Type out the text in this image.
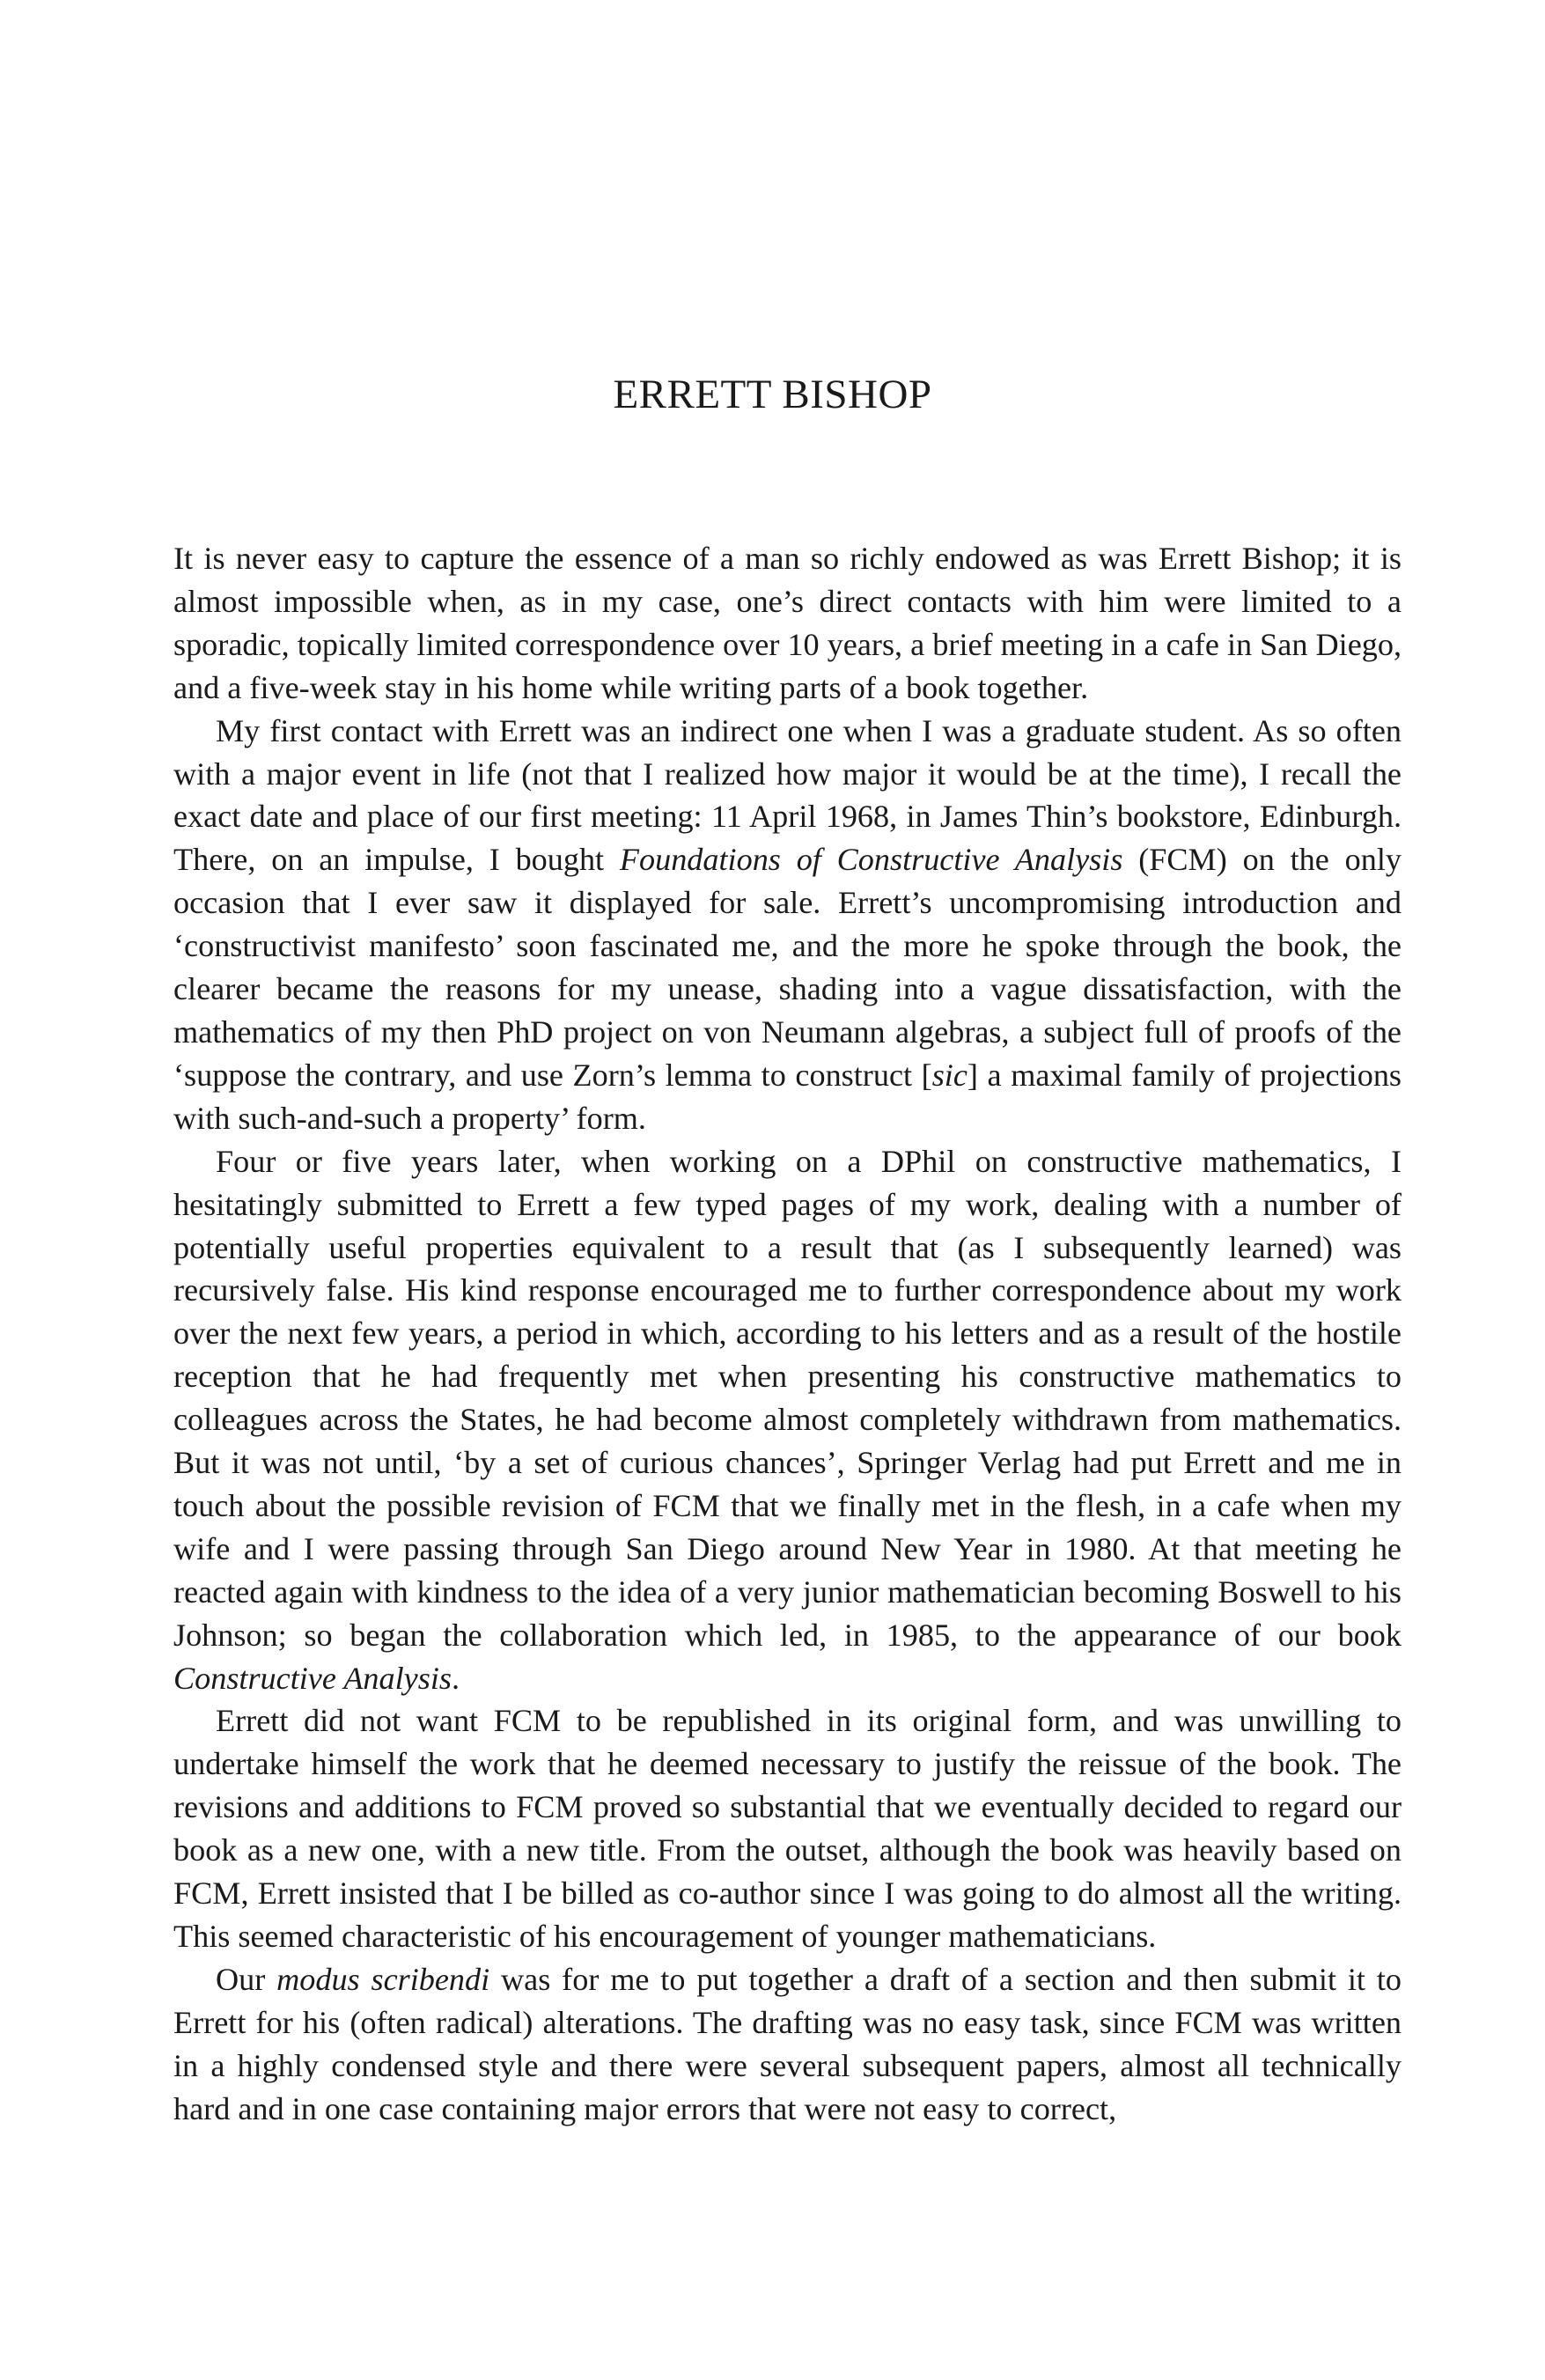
ERRETT BISHOP

It is never easy to capture the essence of a man so richly endowed as was Errett Bishop; it is almost impossible when, as in my case, one’s direct contacts with him were limited to a sporadic, topically limited correspondence over 10 years, a brief meeting in a cafe in San Diego, and a five-week stay in his home while writing parts of a book together.

My first contact with Errett was an indirect one when I was a graduate student. As so often with a major event in life (not that I realized how major it would be at the time), I recall the exact date and place of our first meeting: 11 April 1968, in James Thin’s bookstore, Edinburgh. There, on an impulse, I bought Foundations of Constructive Analysis (FCM) on the only occasion that I ever saw it displayed for sale. Errett’s uncompromising introduction and ‘constructivist manifesto’ soon fascinated me, and the more he spoke through the book, the clearer became the reasons for my unease, shading into a vague dissatisfaction, with the mathematics of my then PhD project on von Neumann algebras, a subject full of proofs of the ‘suppose the contrary, and use Zorn’s lemma to construct [sic] a maximal family of projections with such-and-such a property’ form.

Four or five years later, when working on a DPhil on constructive mathematics, I hesitatingly submitted to Errett a few typed pages of my work, dealing with a number of potentially useful properties equivalent to a result that (as I subsequently learned) was recursively false. His kind response encouraged me to further correspondence about my work over the next few years, a period in which, according to his letters and as a result of the hostile reception that he had frequently met when presenting his constructive mathematics to colleagues across the States, he had become almost completely withdrawn from mathematics. But it was not until, ‘by a set of curious chances’, Springer Verlag had put Errett and me in touch about the possible revision of FCM that we finally met in the flesh, in a cafe when my wife and I were passing through San Diego around New Year in 1980. At that meeting he reacted again with kindness to the idea of a very junior mathematician becoming Boswell to his Johnson; so began the collaboration which led, in 1985, to the appearance of our book Constructive Analysis.

Errett did not want FCM to be republished in its original form, and was unwilling to undertake himself the work that he deemed necessary to justify the reissue of the book. The revisions and additions to FCM proved so substantial that we eventually decided to regard our book as a new one, with a new title. From the outset, although the book was heavily based on FCM, Errett insisted that I be billed as co-author since I was going to do almost all the writing. This seemed characteristic of his encouragement of younger mathematicians.

Our modus scribendi was for me to put together a draft of a section and then submit it to Errett for his (often radical) alterations. The drafting was no easy task, since FCM was written in a highly condensed style and there were several subsequent papers, almost all technically hard and in one case containing major errors that were not easy to correct,
